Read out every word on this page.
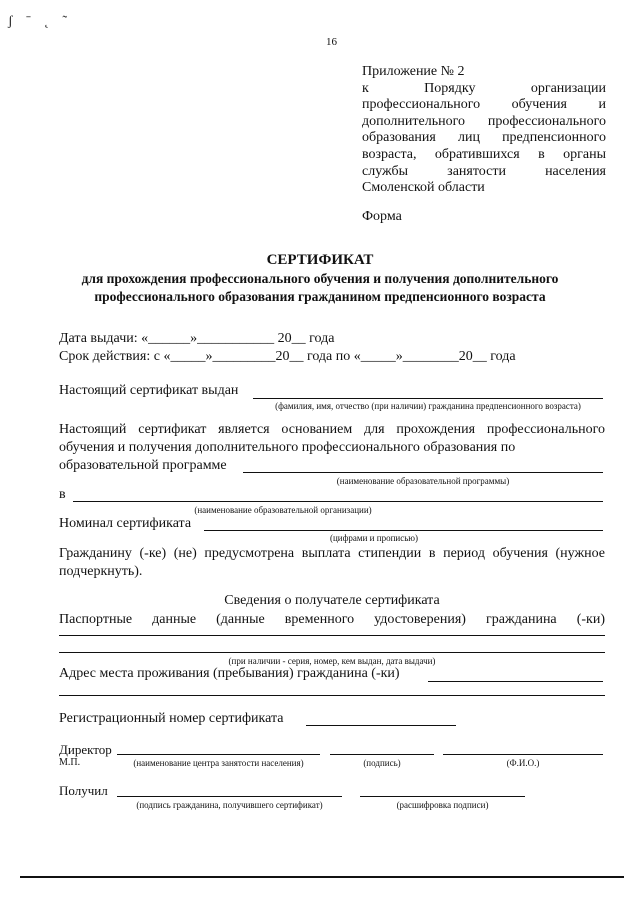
ʃ ˉ ˛ ˜
16
Приложение № 2
к Порядку организации
профессионального обучения и
дополнительного профессионального
образования лиц предпенсионного
возраста, обратившихся в органы
службы занятости населения
Смоленской области
Форма
СЕРТИФИКАТ
для прохождения профессионального обучения и получения дополнительного
профессионального образования гражданином предпенсионного возраста
Дата выдачи: «______»___________ 20__ года
Срок действия: с «_____»_________20__ года по «_____»________20__ года
Настоящий сертификат выдан
(фамилия, имя, отчество (при наличии) гражданина предпенсионного возраста)
Настоящий сертификат является основанием для прохождения профессионального обучения и получения дополнительного профессионального образования по
образовательной программе
(наименование образовательной программы)
в
(наименование образовательной организации)
Номинал сертификата
(цифрами и прописью)
Гражданину (-ке) (не) предусмотрена выплата стипендии в период обучения (нужное подчеркнуть).
Сведения о получателе сертификата
Паспортные данные (данные временного удостоверения) гражданина (-ки)
(при наличии - серия, номер, кем выдан, дата выдачи)
Адрес места проживания (пребывания) гражданина (-ки)
Регистрационный номер сертификата
Директор
М.П.	(наименование центра занятости населения)	(подпись)	(Ф.И.О.)
Получил
(подпись гражданина, получившего сертификат)	(расшифровка подписи)
